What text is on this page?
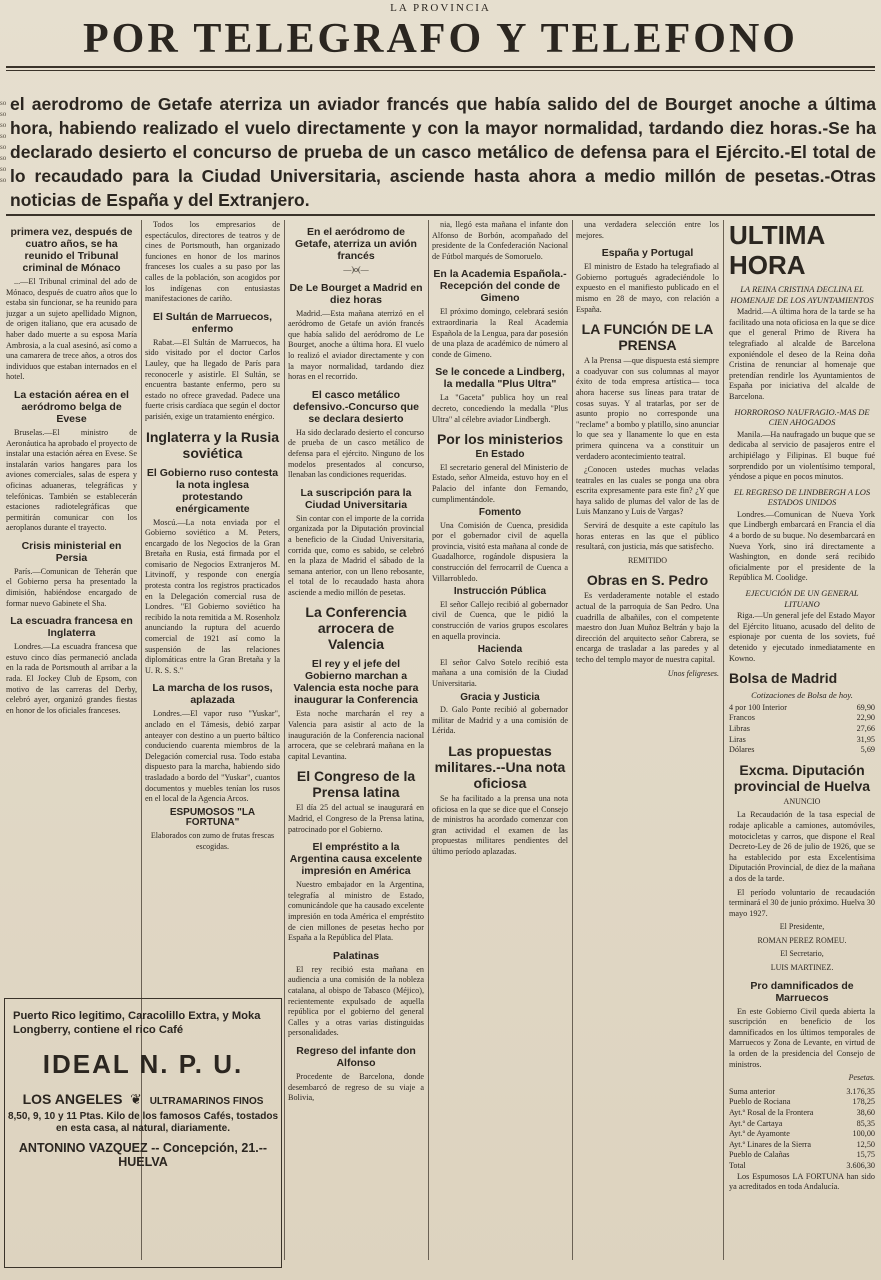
LA PROVINCIA
POR TELEGRAFO Y TELEFONO
so so so so so so so so
el aerodromo de Getafe aterriza un aviador francés que había salido del de Bourget anoche a última hora, habiendo realizado el vuelo directamente y con la mayor normalidad, tardando diez horas.-Se ha declarado desierto el concurso de prueba de un casco metálico de defensa para el Ejército.-El total de lo recaudado para la Ciudad Universitaria, asciende hasta ahora a medio millón de pesetas.-Otras noticias de España y del Extranjero.
primera vez, después de cuatro años, se ha reunido el Tribunal criminal de Mónaco

...—El Tribunal criminal del ado de Mónaco, después de cuatro años que lo estaba sin funcionar, se ha reunido para juzgar a un sujeto apellidado Mignon, de origen italiano, que era acusado de haber dado muerte a su esposa María Ambrosia, a la cual asesinó, así como a una camarera de trece años, a otros dos individuos que estaban internados en el hotel.

La estación aérea en el aeródromo belga de Evese

Bruselas.—El ministro de Aeronáutica ha aprobado el proyecto de instalar una estación aérea en Evese. Se instalarán varios hangares para los aviones comerciales, salas de espera y oficinas aduaneras, telegráficas y telefónicas. También se establecerán estaciones radiotelegráficas que permitirán comunicar con los aeroplanos durante el trayecto.

Crisis ministerial en Persia

París.—Comunican de Teherán que el Gobierno persa ha presentado la dimisión, habiéndose encargado de formar nuevo Gabinete el Sha.

La escuadra francesa en Inglaterra

Londres.—La escuadra francesa que estuvo cinco días permaneció anclada en la rada de Portsmouth al arribar a la rada. El Jockey Club de Epsom, con motivo de las carreras del Derby, celebró ayer, organizó grandes fiestas en honor de los oficiales franceses.

Todos los empresarios de espectáculos, directores de teatros y de cines de Portsmouth, han organizado funciones en honor de los marinos franceses los cuales a su paso por las calles de la población, son acogidos por los indígenas con entusiastas manifestaciones de cariño.

El Sultán de Marruecos, enfermo

Rabat.—El Sultán de Marruecos, ha sido visitado por el doctor Carlos Lauley, que ha llegado de París para reconocerle y asistirle. El Sultán, se encuentra bastante enfermo, pero su estado no ofrece gravedad. Padece una fuerte crisis cardíaca que según el doctor parisién, exige un tratamiento enérgico.

Inglaterra y la Rusia soviética
El Gobierno ruso contesta la nota inglesa protestando enérgicamente

Moscú.—La nota enviada por el Gobierno soviético a M. Peters, encargado de los Negocios de la Gran Bretaña en Rusia, está firmada por el comisario de Negocios Extranjeros M. Litvinoff, y responde con energía protesta contra los registros practicados en la Delegación comercial rusa de Londres. "El Gobierno soviético ha recibido la nota remitida a M. Rosenholz anunciando la ruptura del acuerdo comercial de 1921 así como la suspensión de las relaciones diplomáticas entre la Gran Bretaña y la U. R. S. S."

La marcha de los rusos, aplazada

Londres.—El vapor ruso "Yuskar", anclado en el Támesis, debió zarpar anteayer con destino a un puerto báltico conduciendo cuarenta miembros de la Delegación comercial rusa. Todo estaba dispuesto para la marcha, habiendo sido trasladado a bordo del "Yuskar", cuantos documentos y muebles tenían los rusos en el local de la Agencia Arcos.

ESPUMOSOS "LA FORTUNA"
Elaborados con zumo de frutas frescas escogidas.
Puerto Rico legitimo, Caracolillo Extra, y Moka Longberry, contiene el rico Café
IDEAL N. P. U.
LOS ANGELES  ❦  ULTRAMARINOS FINOS
8,50, 9, 10 y 11 Ptas. Kilo de los famosos Cafés, tostados en esta casa, al natural, diariamente.
ANTONINO VAZQUEZ -- Concepción, 21.--HUELVA
En el aeródromo de Getafe, aterriza un avión francés
—)o(—
De Le Bourget a Madrid en diez horas

Madrid.—Esta mañana aterrizó en el aeródromo de Getafe un avión francés que había salido del aeródromo de Le Bourget, anoche a última hora. El vuelo lo realizó el aviador directamente y con la mayor normalidad, tardando diez horas en el recorrido.

El casco metálico defensivo.-Concurso que se declara desierto

Ha sido declarado desierto el concurso de prueba de un casco metálico de defensa para el ejército. Ninguno de los modelos presentados al concurso, llenaban las condiciones requeridas.

La suscripción para la Ciudad Universitaria

Sin contar con el importe de la corrida organizada por la Diputación provincial a beneficio de la Ciudad Universitaria, corrida que, como es sabido, se celebró en la plaza de Madrid el sábado de la semana anterior, con un lleno rebosante, el total de lo recaudado hasta ahora asciende a medio millón de pesetas.

La Conferencia arrocera de Valencia
El rey y el jefe del Gobierno marchan a Valencia esta noche para inaugurar la Conferencia

Esta noche marcharán el rey a Valencia para asistir al acto de la inauguración de la Conferencia nacional arrocera, que se celebrará mañana en la capital Levantina.

El Congreso de la Prensa latina

El día 25 del actual se inaugurará en Madrid, el Congreso de la Prensa latina, patrocinado por el Gobierno.

El empréstito a la Argentina causa excelente impresión en América

Nuestro embajador en la Argentina, telegrafía al ministro de Estado, comunicándole que ha causado excelente impresión en toda América el empréstito de cien millones de pesetas hecho por España a la República del Plata.

Palatinas

El rey recibió esta mañana en audiencia a una comisión de la nobleza catalana, al obispo de Tabasco (Méjico), recientemente expulsado de aquella república por el gobierno del general Calles y a otras varias distinguidas personalidades.

Regreso del infante don Alfonso

Procedente de Barcelona, donde desembarcó de regreso de su viaje a Bolivia,

nia, llegó esta mañana el infante don Alfonso de Borbón, acompañado del presidente de la Confederación Nacional de Fútbol marqués de Somoruelo.

En la Academia Española.-Recepción del conde de Gimeno

El próximo domingo, celebrará sesión extraordinaria la Real Academia Española de la Lengua, para dar posesión de una plaza de académico de número al conde de Gimeno.

Se le concede a Lindberg, la medalla "Plus Ultra"

La "Gaceta" publica hoy un real decreto, concediendo la medalla "Plus Ultra" al célebre aviador Lindbergh.

Por los ministerios
En Estado

El secretario general del Ministerio de Estado, señor Almeida, estuvo hoy en el Palacio del infante don Fernando, cumplimentándole.

Fomento

Una Comisión de Cuenca, presidida por el gobernador civil de aquella provincia, visitó esta mañana al conde de Guadalhorce, rogándole dispusiera la construcción del ferrocarril de Cuenca a Villarrobledo.

Instrucción Pública

El señor Callejo recibió al gobernador civil de Cuenca, que le pidió la construcción de varios grupos escolares en aquella provincia.

Hacienda

El señor Calvo Sotelo recibió esta mañana a una comisión de la Ciudad Universitaria.

Gracia y Justicia

D. Galo Ponte recibió al gobernador militar de Madrid y a una comisión de Lérida.

Las propuestas militares.--Una nota oficiosa

Se ha facilitado a la prensa una nota oficiosa en la que se dice que el Consejo de ministros ha acordado comenzar con gran actividad el examen de las propuestas militares pendientes del último período aplazadas.

una verdadera selección entre los mejores.

España y Portugal

El ministro de Estado ha telegrafiado al Gobierno portugués agradeciéndole lo expuesto en el manifiesto publicado en el mismo en 28 de mayo, con relación a España.

LA FUNCIÓN DE LA PRENSA

A la Prensa —que dispuesta está siempre a coadyuvar con sus columnas al mayor éxito de toda empresa artística— toca ahora hacerse sus líneas para tratar de cosas suyas. Y al tratarlas, por ser de asunto propio no corresponde una "reclame" a bombo y platillo, sino anunciar lo que sea y llanamente lo que en esta primera quincena va a constituir un verdadero acontecimiento teatral.

¿Conocen ustedes muchas veladas teatrales en las cuales se ponga una obra escrita expresamente para este fin? ¿Y que haya salido de plumas del valor de las de Luis Manzano y Luis de Vargas?

Servirá de desquite a este capítulo las horas enteras en las que el público resultará, con justicia, más que satisfecho.

REMITIDO
Obras en S. Pedro

Es verdaderamente notable el estado actual de la parroquia de San Pedro. Una cuadrilla de albañiles, con el competente maestro don Juan Muñoz Beltrán y bajo la dirección del arquitecto señor Cabrera, se encarga de trasladar a las paredes y al techo del templo mayor de nuestra capital.

Unos feligreses.
ULTIMA HORA
LA REINA CRISTINA DECLINA EL HOMENAJE DE LOS AYUNTAMIENTOS

Madrid.—A última hora de la tarde se ha facilitado una nota oficiosa en la que se dice que el general Primo de Rivera ha telegrafiado al alcalde de Barcelona exponiéndole el deseo de la Reina doña Cristina de renunciar al homenaje que pretendían rendirle los Ayuntamientos de España por iniciativa del alcalde de Barcelona.

HORROROSO NAUFRAGIO.-MAS DE CIEN AHOGADOS

Manila.—Ha naufragado un buque que se dedicaba al servicio de pasajeros entre el archipiélago y Filipinas. El buque fué sorprendido por un violentísimo temporal, yéndose a pique en pocos minutos.

EL REGRESO DE LINDBERGH A LOS ESTADOS UNIDOS

Londres.—Comunican de Nueva York que Lindbergh embarcará en Francia el día 4 a bordo de su buque. No desembarcará en Nueva York, sino irá directamente a Washington, en donde será recibido oficialmente por el presidente de la República M. Coolidge.

EJECUCIÓN DE UN GENERAL LITUANO

Riga.—Un general jefe del Estado Mayor del Ejército lituano, acusado del delito de espionaje por cuenta de los soviets, fué detenido y ejecutado inmediatamente en Kowno.

Bolsa de Madrid
Cotizaciones de Bolsa de hoy.
4 por 100 Interior	69,90
Francos	22,90
Libras	27,66
Liras	31,95
Dólares	5,69
Excma. Diputación provincial de Huelva
ANUNCIO

La Recaudación de la tasa especial de rodaje aplicable a camiones, automóviles, motocicletas y carros, que dispone el Real Decreto-Ley de 26 de julio de 1926, que se ha establecido por esta Excelentísima Diputación Provincial, de diez de la mañana a dos de la tarde.

El período voluntario de recaudación terminará el 30 de junio próximo. Huelva 30 mayo 1927.

El Presidente,
ROMAN PEREZ ROMEU.
El Secretario,
LUIS MARTINEZ.
Pro damnificados de Marruecos

En este Gobierno Civil queda abierta la suscripción en beneficio de los damnificados en los últimos temporales de Marruecos y Zona de Levante, en virtud de la orden de la presidencia del Consejo de ministros.

Pesetas.
Suma anterior	3.176,35
Pueblo de Rociana	178,25
Ayt.º Rosal de la Frontera	38,60
Ayt.º de Cartaya	85,35
Ayt.º de Ayamonte	100,00
Ayt.º Linares de la Sierra	12,50
Pueblo de Calañas	15,75
Total	3.606,30

Los Espumosos LA FORTUNA han sido ya acreditados en toda Andalucía.
